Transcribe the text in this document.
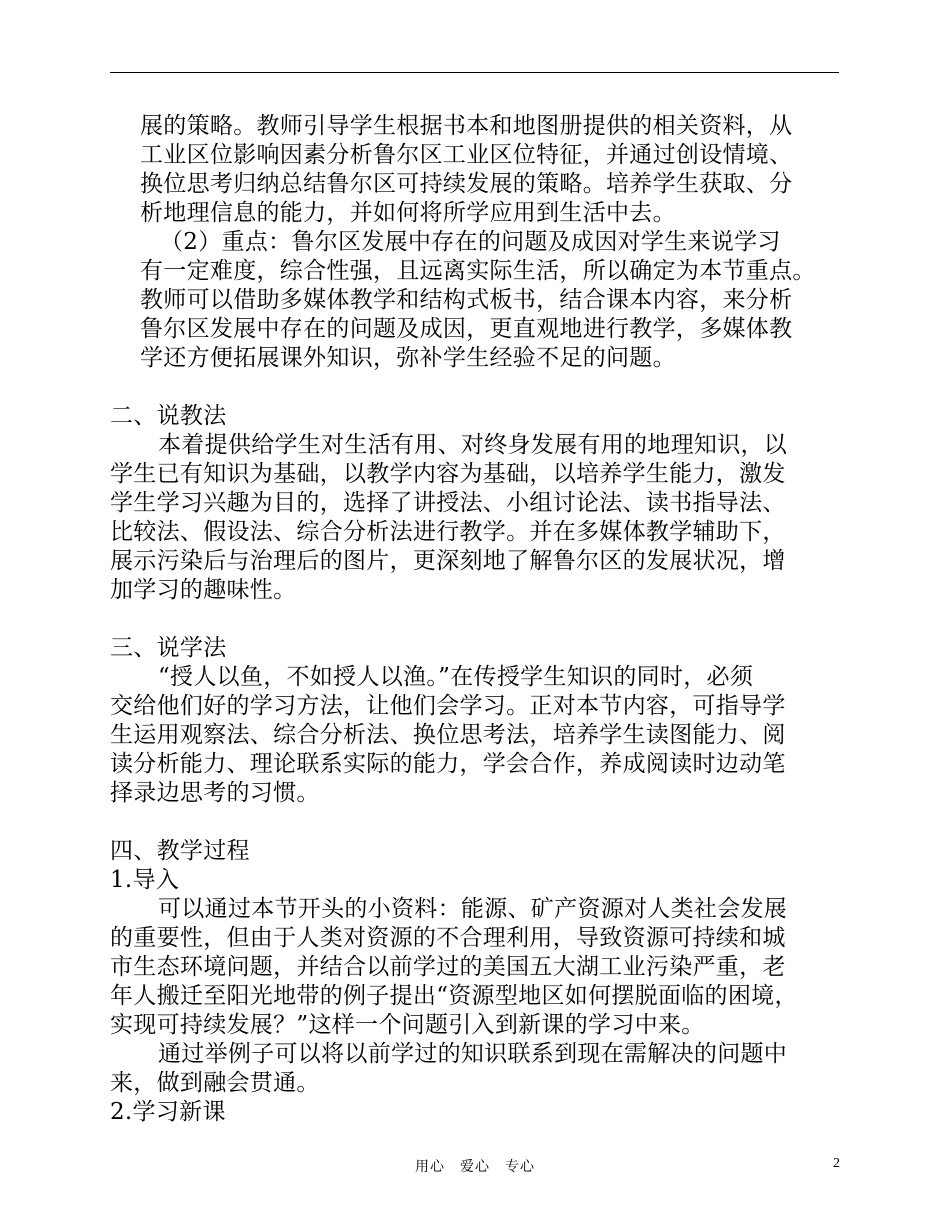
展的策略。教师引导学生根据书本和地图册提供的相关资料，从
工业区位影响因素分析鲁尔区工业区位特征，并通过创设情境、
换位思考归纳总结鲁尔区可持续发展的策略。培养学生获取、分
析地理信息的能力，并如何将所学应用到生活中去。
（2）重点：鲁尔区发展中存在的问题及成因对学生来说学习
有一定难度，综合性强，且远离实际生活，所以确定为本节重点。
教师可以借助多媒体教学和结构式板书，结合课本内容，来分析
鲁尔区发展中存在的问题及成因，更直观地进行教学，多媒体教
学还方便拓展课外知识，弥补学生经验不足的问题。
二、说教法
本着提供给学生对生活有用、对终身发展有用的地理知识，以
学生已有知识为基础，以教学内容为基础，以培养学生能力，激发
学生学习兴趣为目的，选择了讲授法、小组讨论法、读书指导法、
比较法、假设法、综合分析法进行教学。并在多媒体教学辅助下，
展示污染后与治理后的图片，更深刻地了解鲁尔区的发展状况，增
加学习的趣味性。
三、说学法
“授人以鱼，不如授人以渔。”在传授学生知识的同时，必须
交给他们好的学习方法，让他们会学习。正对本节内容，可指导学
生运用观察法、综合分析法、换位思考法，培养学生读图能力、阅
读分析能力、理论联系实际的能力，学会合作，养成阅读时边动笔
择录边思考的习惯。
四、教学过程
1.导入
可以通过本节开头的小资料：能源、矿产资源对人类社会发展
的重要性，但由于人类对资源的不合理利用，导致资源可持续和城
市生态环境问题，并结合以前学过的美国五大湖工业污染严重，老
年人搬迁至阳光地带的例子提出“资源型地区如何摆脱面临的困境，
实现可持续发展？”这样一个问题引入到新课的学习中来。
通过举例子可以将以前学过的知识联系到现在需解决的问题中
来，做到融会贯通。
2.学习新课
用心　爱心　专心	2
